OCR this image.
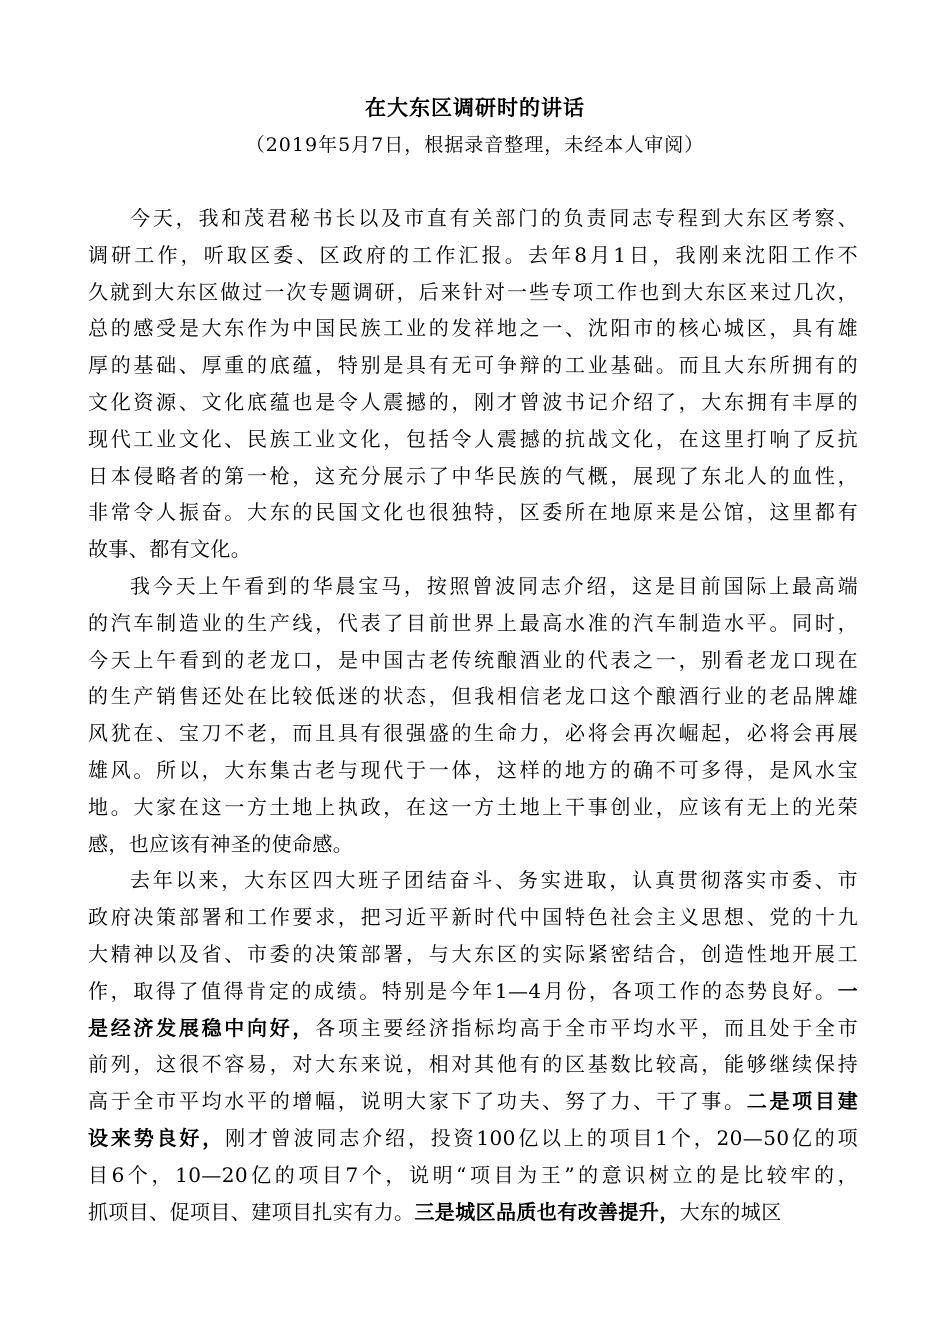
在大东区调研时的讲话
（2019年5月7日，根据录音整理，未经本人审阅）
今天，我和茂君秘书长以及市直有关部门的负责同志专程到大东区考察、
调研工作，听取区委、区政府的工作汇报。去年8月1日，我刚来沈阳工作不
久就到大东区做过一次专题调研，后来针对一些专项工作也到大东区来过几次，
总的感受是大东作为中国民族工业的发祥地之一、沈阳市的核心城区，具有雄
厚的基础、厚重的底蕴，特别是具有无可争辩的工业基础。而且大东所拥有的
文化资源、文化底蕴也是令人震撼的，刚才曾波书记介绍了，大东拥有丰厚的
现代工业文化、民族工业文化，包括令人震撼的抗战文化，在这里打响了反抗
日本侵略者的第一枪，这充分展示了中华民族的气概，展现了东北人的血性，
非常令人振奋。大东的民国文化也很独特，区委所在地原来是公馆，这里都有
故事、都有文化。
我今天上午看到的华晨宝马，按照曾波同志介绍，这是目前国际上最高端
的汽车制造业的生产线，代表了目前世界上最高水准的汽车制造水平。同时，
今天上午看到的老龙口，是中国古老传统酿酒业的代表之一，别看老龙口现在
的生产销售还处在比较低迷的状态，但我相信老龙口这个酿酒行业的老品牌雄
风犹在、宝刀不老，而且具有很强盛的生命力，必将会再次崛起，必将会再展
雄风。所以，大东集古老与现代于一体，这样的地方的确不可多得，是风水宝
地。大家在这一方土地上执政，在这一方土地上干事创业，应该有无上的光荣
感，也应该有神圣的使命感。
去年以来，大东区四大班子团结奋斗、务实进取，认真贯彻落实市委、市
政府决策部署和工作要求，把习近平新时代中国特色社会主义思想、党的十九
大精神以及省、市委的决策部署，与大东区的实际紧密结合，创造性地开展工
作，取得了值得肯定的成绩。特别是今年1—4月份，各项工作的态势良好。一
是经济发展稳中向好，各项主要经济指标均高于全市平均水平，而且处于全市
前列，这很不容易，对大东来说，相对其他有的区基数比较高，能够继续保持
高于全市平均水平的增幅，说明大家下了功夫、努了力、干了事。二是项目建
设来势良好，刚才曾波同志介绍，投资100亿以上的项目1个，20—50亿的项
目6个，10—20亿的项目7个，说明“项目为王”的意识树立的是比较牢的，
抓项目、促项目、建项目扎实有力。三是城区品质也有改善提升，大东的城区
